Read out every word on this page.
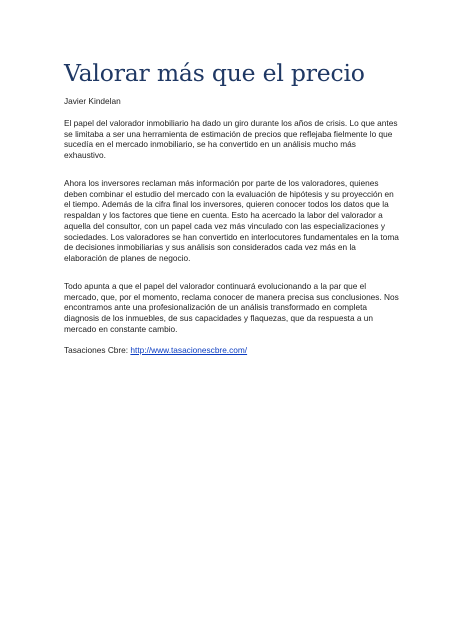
Valorar más que el precio

Javier Kindelan

El papel del valorador inmobiliario ha dado un giro durante los años de crisis. Lo que antes
se limitaba a ser una herramienta de estimación de precios que reflejaba fielmente lo que
sucedía en el mercado inmobiliario, se ha convertido en un análisis mucho más
exhaustivo.

Ahora los inversores reclaman más información por parte de los valoradores, quienes
deben combinar el estudio del mercado con la evaluación de hipótesis y su proyección en
el tiempo. Además de la cifra final los inversores, quieren conocer todos los datos que la
respaldan y los factores que tiene en cuenta. Esto ha acercado la labor del valorador a
aquella del consultor, con un papel cada vez más vinculado con las especializaciones y
sociedades. Los valoradores se han convertido en interlocutores fundamentales en la toma
de decisiones inmobiliarias y sus análisis son considerados cada vez más en la
elaboración de planes de negocio.

Todo apunta a que el papel del valorador continuará evolucionando a la par que el
mercado, que, por el momento, reclama conocer de manera precisa sus conclusiones. Nos
encontramos ante una profesionalización de un análisis transformado en completa
diagnosis de los inmuebles, de sus capacidades y flaquezas, que da respuesta a un
mercado en constante cambio.

Tasaciones Cbre: http://www.tasacionescbre.com/
